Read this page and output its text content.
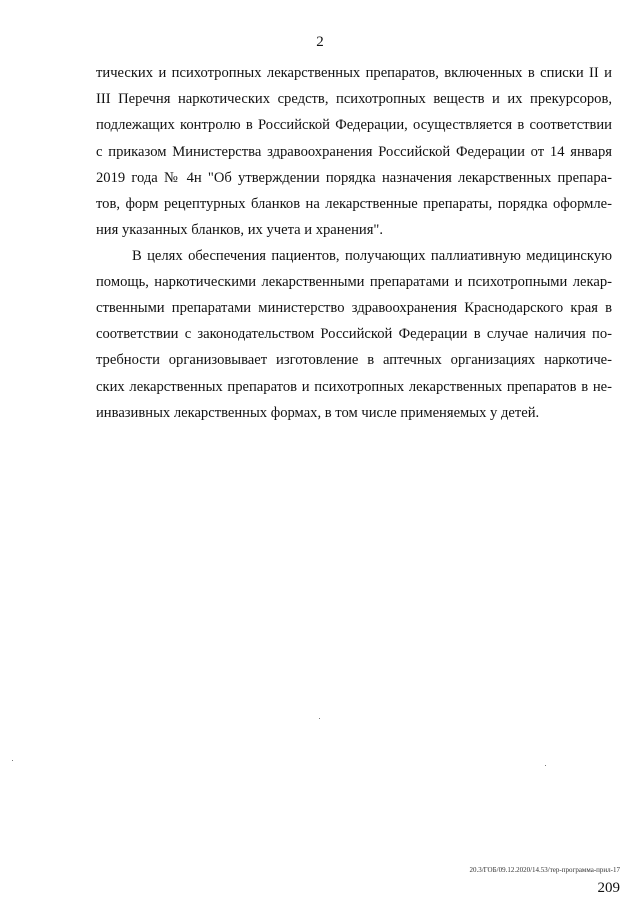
2
тических и психотропных лекарственных препаратов, включенных в списки II и
III Перечня наркотических средств, психотропных веществ и их прекурсоров,
подлежащих контролю в Российской Федерации, осуществляется в соответствии
с приказом Министерства здравоохранения Российской Федерации от 14 января
2019 года № 4н "Об утверждении порядка назначения лекарственных препара-
тов, форм рецептурных бланков на лекарственные препараты, порядка оформле-
ния указанных бланков, их учета и хранения".
В целях обеспечения пациентов, получающих паллиативную медицинскую
помощь, наркотическими лекарственными препаратами и психотропными лекар-
ственными препаратами министерство здравоохранения Краснодарского края в
соответствии с законодательством Российской Федерации в случае наличия по-
требности организовывает изготовление в аптечных организациях наркотиче-
ских лекарственных препаратов и психотропных лекарственных препаратов в не-
инвазивных лекарственных формах, в том числе применяемых у детей.
20.3/ГОБ/09.12.2020/14.53/тер-программа-прил-17
209
